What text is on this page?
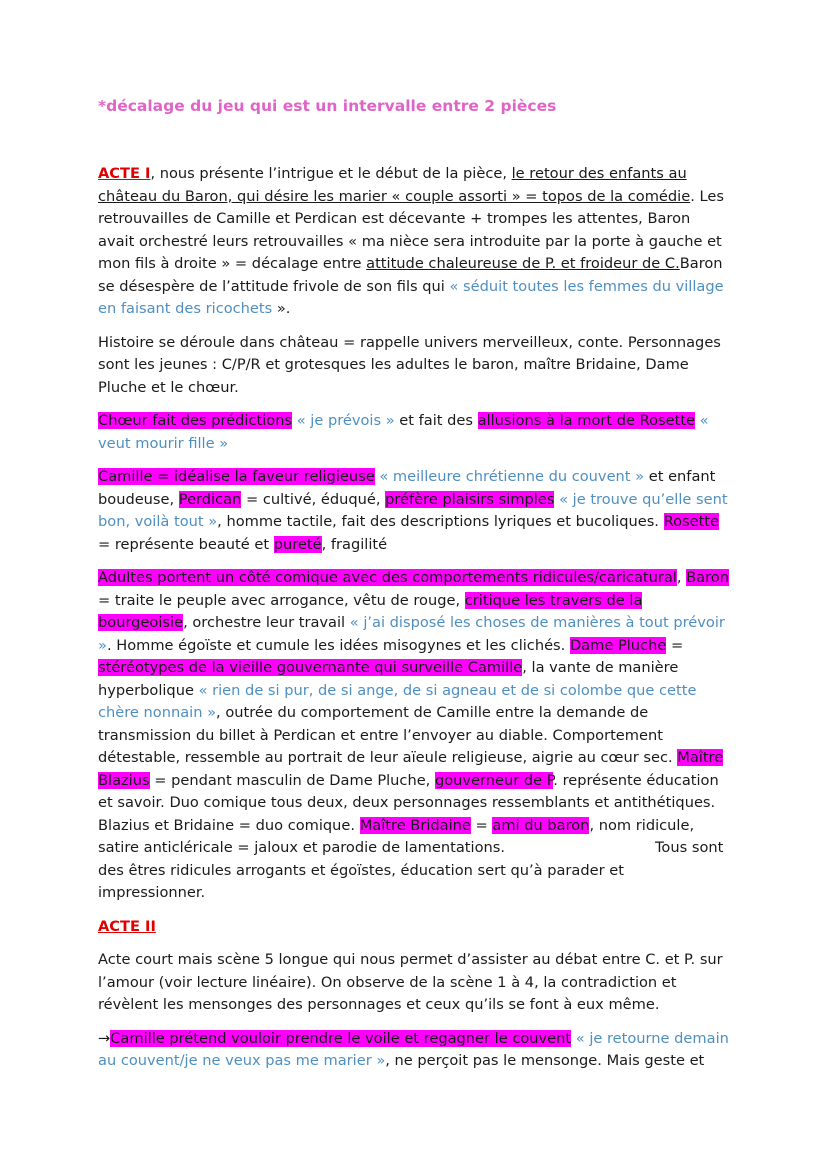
*décalage du jeu qui est un intervalle entre 2 pièces

ACTE I, nous présente l’intrigue et le début de la pièce, le retour des enfants au château du Baron, qui désire les marier « couple assorti » = topos de la comédie. Les retrouvailles de Camille et Perdican est décevante + trompes les attentes, Baron avait orchestré leurs retrouvailles « ma nièce sera introduite par la porte à gauche et mon fils à droite » = décalage entre attitude chaleureuse de P. et froideur de C.Baron se désespère de l’attitude frivole de son fils qui « séduit toutes les femmes du village en faisant des ricochets ».

Histoire se déroule dans château = rappelle univers merveilleux, conte. Personnages sont les jeunes : C/P/R et grotesques les adultes le baron, maître Bridaine, Dame Pluche et le chœur.

Chœur fait des prédictions « je prévois » et fait des allusions à la mort de Rosette « veut mourir fille »

Camille = idéalise la faveur religieuse « meilleure chrétienne du couvent » et enfant boudeuse, Perdican = cultivé, éduqué, préfère plaisirs simples « je trouve qu’elle sent bon, voilà tout », homme tactile, fait des descriptions lyriques et bucoliques. Rosette = représente beauté et pureté, fragilité

Adultes portent un côté comique avec des comportements ridicules/caricatural, Baron = traite le peuple avec arrogance, vêtu de rouge, critique les travers de la bourgeoisie, orchestre leur travail « j’ai disposé les choses de manières à tout prévoir ». Homme égoïste et cumule les idées misogynes et les clichés. Dame Pluche = stéréotypes de la vieille gouvernante qui surveille Camille, la vante de manière hyperbolique « rien de si pur, de si ange, de si agneau et de si colombe que cette chère nonnain », outrée du comportement de Camille entre la demande de transmission du billet à Perdican et entre l’envoyer au diable. Comportement détestable, ressemble au portrait de leur aïeule religieuse, aigrie au cœur sec. Maître Blazius = pendant masculin de Dame Pluche, gouverneur de P. représente éducation et savoir. Duo comique tous deux, deux personnages ressemblants et antithétiques. Blazius et Bridaine = duo comique. Maître Bridaine = ami du baron, nom ridicule, satire anticléricale = jaloux et parodie de lamentations.	Tous sont des êtres ridicules arrogants et égoïstes, éducation sert qu’à parader et impressionner.

ACTE II

Acte court mais scène 5 longue qui nous permet d’assister au débat entre C. et P. sur l’amour (voir lecture linéaire). On observe de la scène 1 à 4, la contradiction et révèlent les mensonges des personnages et ceux qu’ils se font à eux même.

→Camille prétend vouloir prendre le voile et regagner le couvent « je retourne demain au couvent/je ne veux pas me marier », ne perçoit pas le mensonge. Mais geste et
